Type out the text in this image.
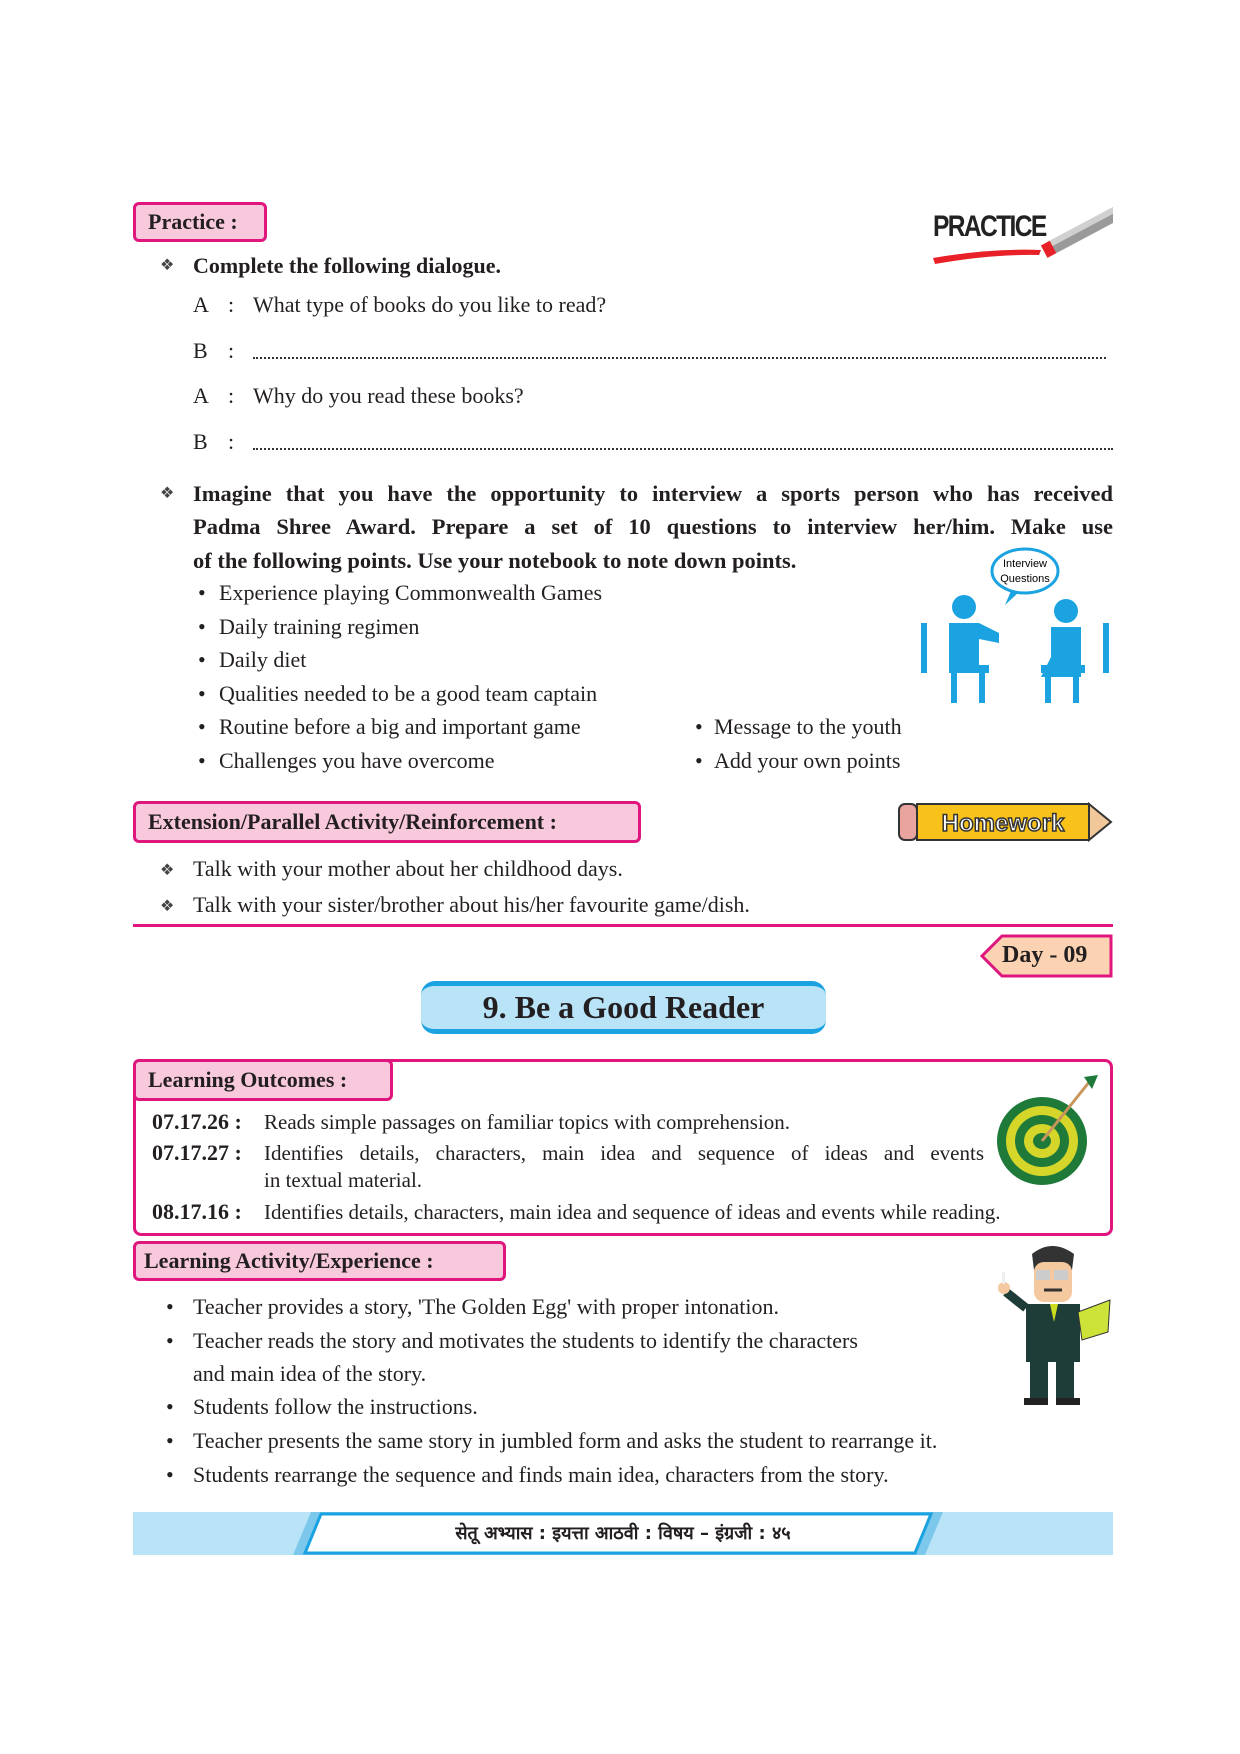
Practice :	PRACTICE
❖ Complete the following dialogue.
A : What type of books do you like to read?
B :
A : Why do you read these books?
B :
❖ Imagine that you have the opportunity to interview a sports person who has received
Padma Shree Award. Prepare a set of 10 questions to interview her/him. Make use
of the following points. Use your notebook to note down points.
• Experience playing Commonwealth Games
• Daily training regimen
• Daily diet
• Qualities needed to be a good team captain
• Routine before a big and important game
• Challenges you have overcome
• Message to the youth
• Add your own points
Interview
Questions
Extension/Parallel Activity/Reinforcement :	Homework
❖ Talk with your mother about her childhood days.
❖ Talk with your sister/brother about his/her favourite game/dish.
Day - 09
9. Be a Good Reader
Learning Outcomes :
07.17.26 : Reads simple passages on familiar topics with comprehension.
07.17.27 : Identifies details, characters, main idea and sequence of ideas and events
in textual material.
08.17.16 : Identifies details, characters, main idea and sequence of ideas and events while reading.
Learning Activity/Experience :
• Teacher provides a story, 'The Golden Egg' with proper intonation.
• Teacher reads the story and motivates the students to identify the characters
and main idea of the story.
• Students follow the instructions.
• Teacher presents the same story in jumbled form and asks the student to rearrange it.
• Students rearrange the sequence and finds main idea, characters from the story.
सेतू अभ्यास : इयत्ता आठवी : विषय – इंग्रजी : ४५
